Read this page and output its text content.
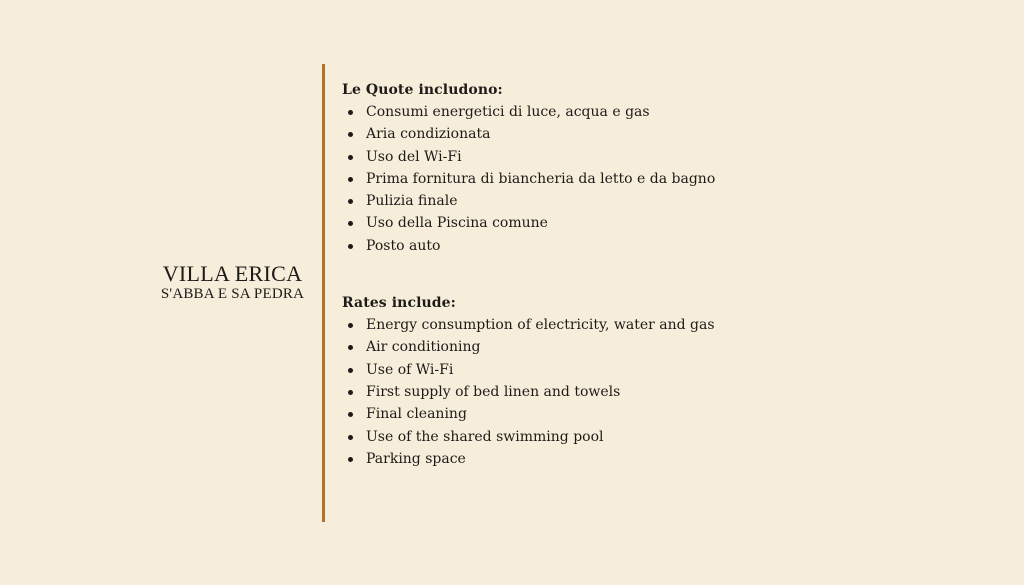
VILLA ERICA
S'ABBA E SA PEDRA
Le Quote includono:
Consumi energetici di luce, acqua e gas
Aria condizionata
Uso del Wi-Fi
Prima fornitura di biancheria da letto e da bagno
Pulizia finale
Uso della Piscina comune
Posto auto
Rates include:
Energy consumption of electricity, water and gas
Air conditioning
Use of Wi-Fi
First supply of bed linen and towels
Final cleaning
Use of the shared swimming pool
Parking space
